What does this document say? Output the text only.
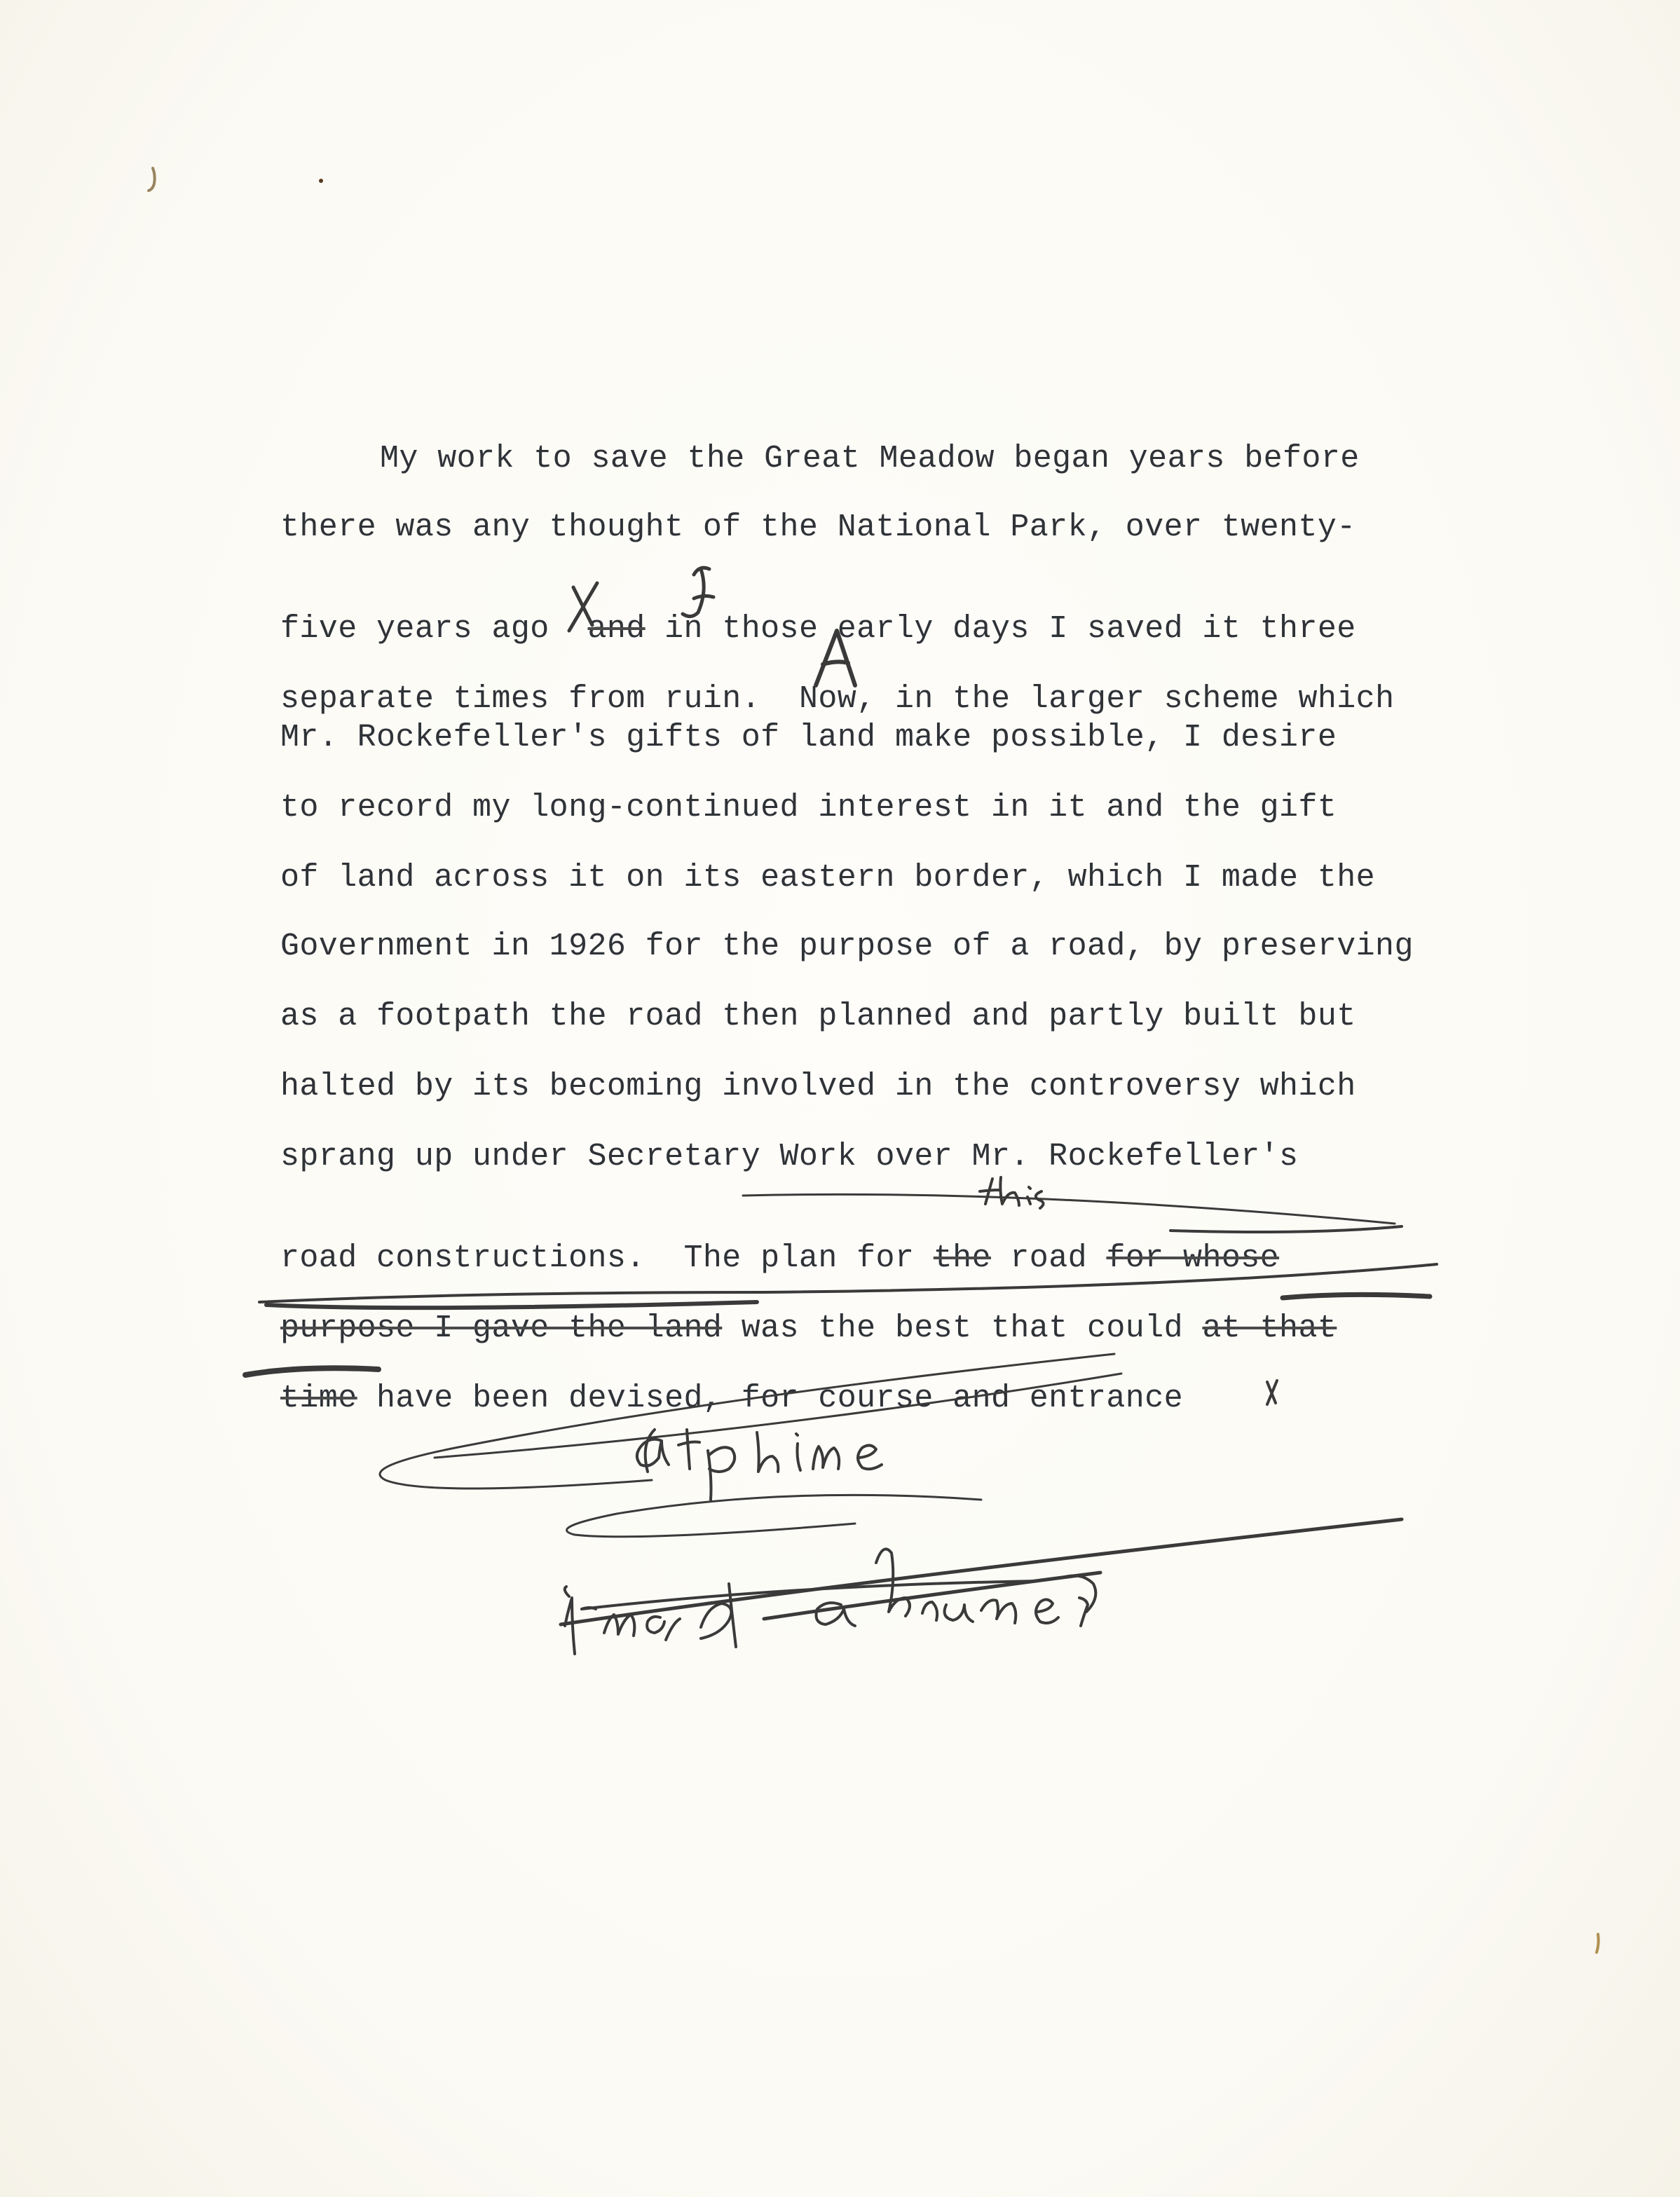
My work to save the Great Meadow began years before

there was any thought of the National Park, over twenty-

five years ago and in those early days I saved it three

separate times from ruin. Now, in the larger scheme which

Mr. Rockefeller's gifts of land make possible, I desire

to record my long-continued interest in it and the gift

of land across it on its eastern border, which I made the

Government in 1926 for the purpose of a road, by preserving

as a footpath the road then planned and partly built but

halted by its becoming involved in the controversy which

sprang up under Secretary Work over Mr. Rockefeller's

road constructions. The plan for the road for whose

purpose I gave the land was the best that could at that

time have been devised, for course and entrance
